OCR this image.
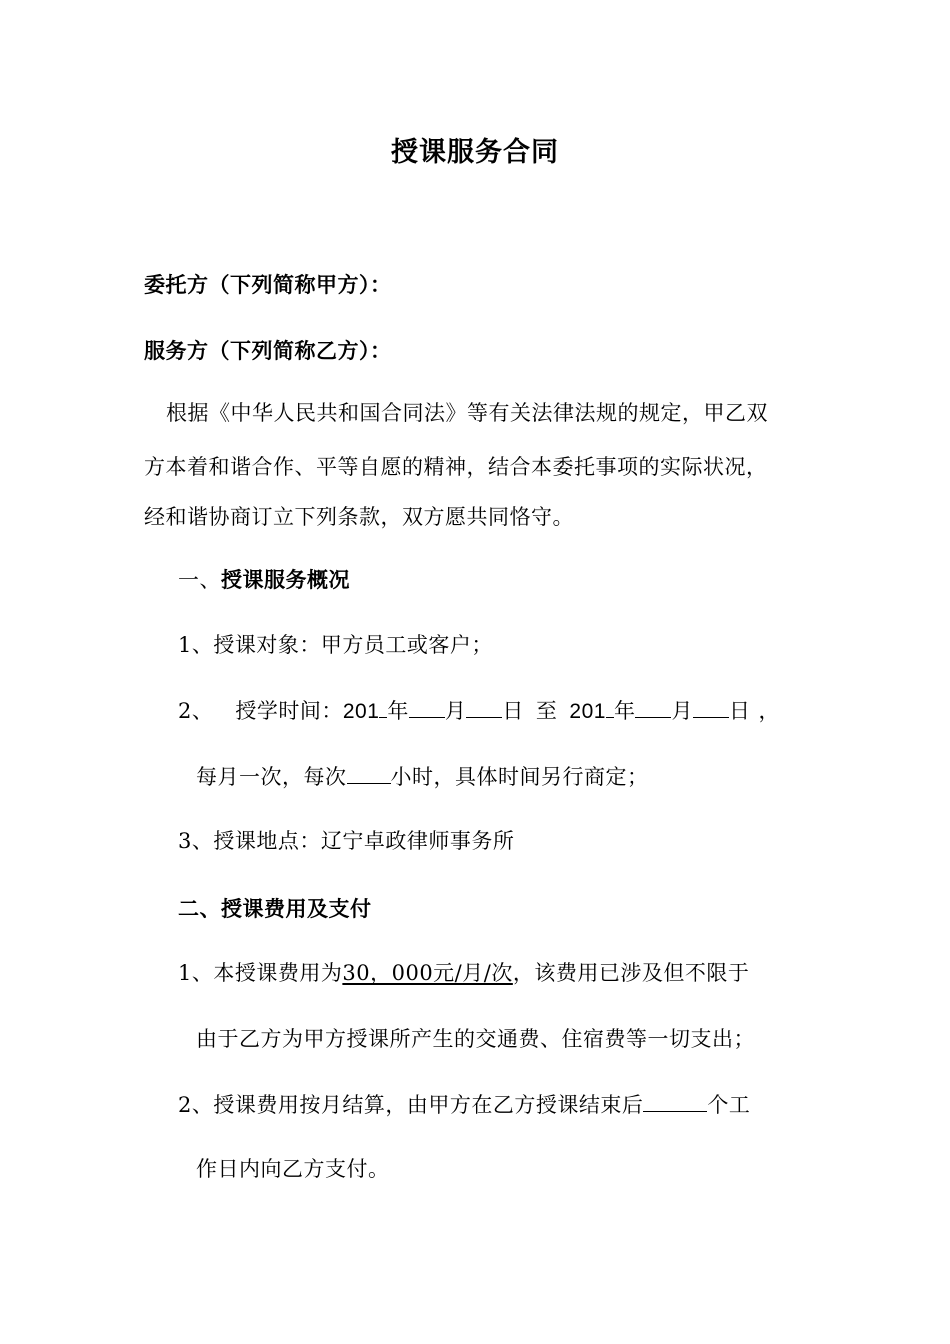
授课服务合同
委托方（下列简称甲方）：
服务方（下列简称乙方）：
根据《中华人民共和国合同法》等有关法律法规的规定，甲乙双
方本着和谐合作、平等自愿的精神，结合本委托事项的实际状况，
经和谐协商订立下列条款，双方愿共同恪守。
一、授课服务概况
1、授课对象：甲方员工或客户；
2、 授学时间：201 年 月 日 至 201 年 月 日 ，
每月一次，每次 小时，具体时间另行商定；
3、授课地点：辽宁卓政律师事务所
二、授课费用及支付
1、本授课费用为30，000元/月/次，该费用已涉及但不限于
由于乙方为甲方授课所产生的交通费、住宿费等一切支出；
2、授课费用按月结算，由甲方在乙方授课结束后	个工
作日内向乙方支付。
